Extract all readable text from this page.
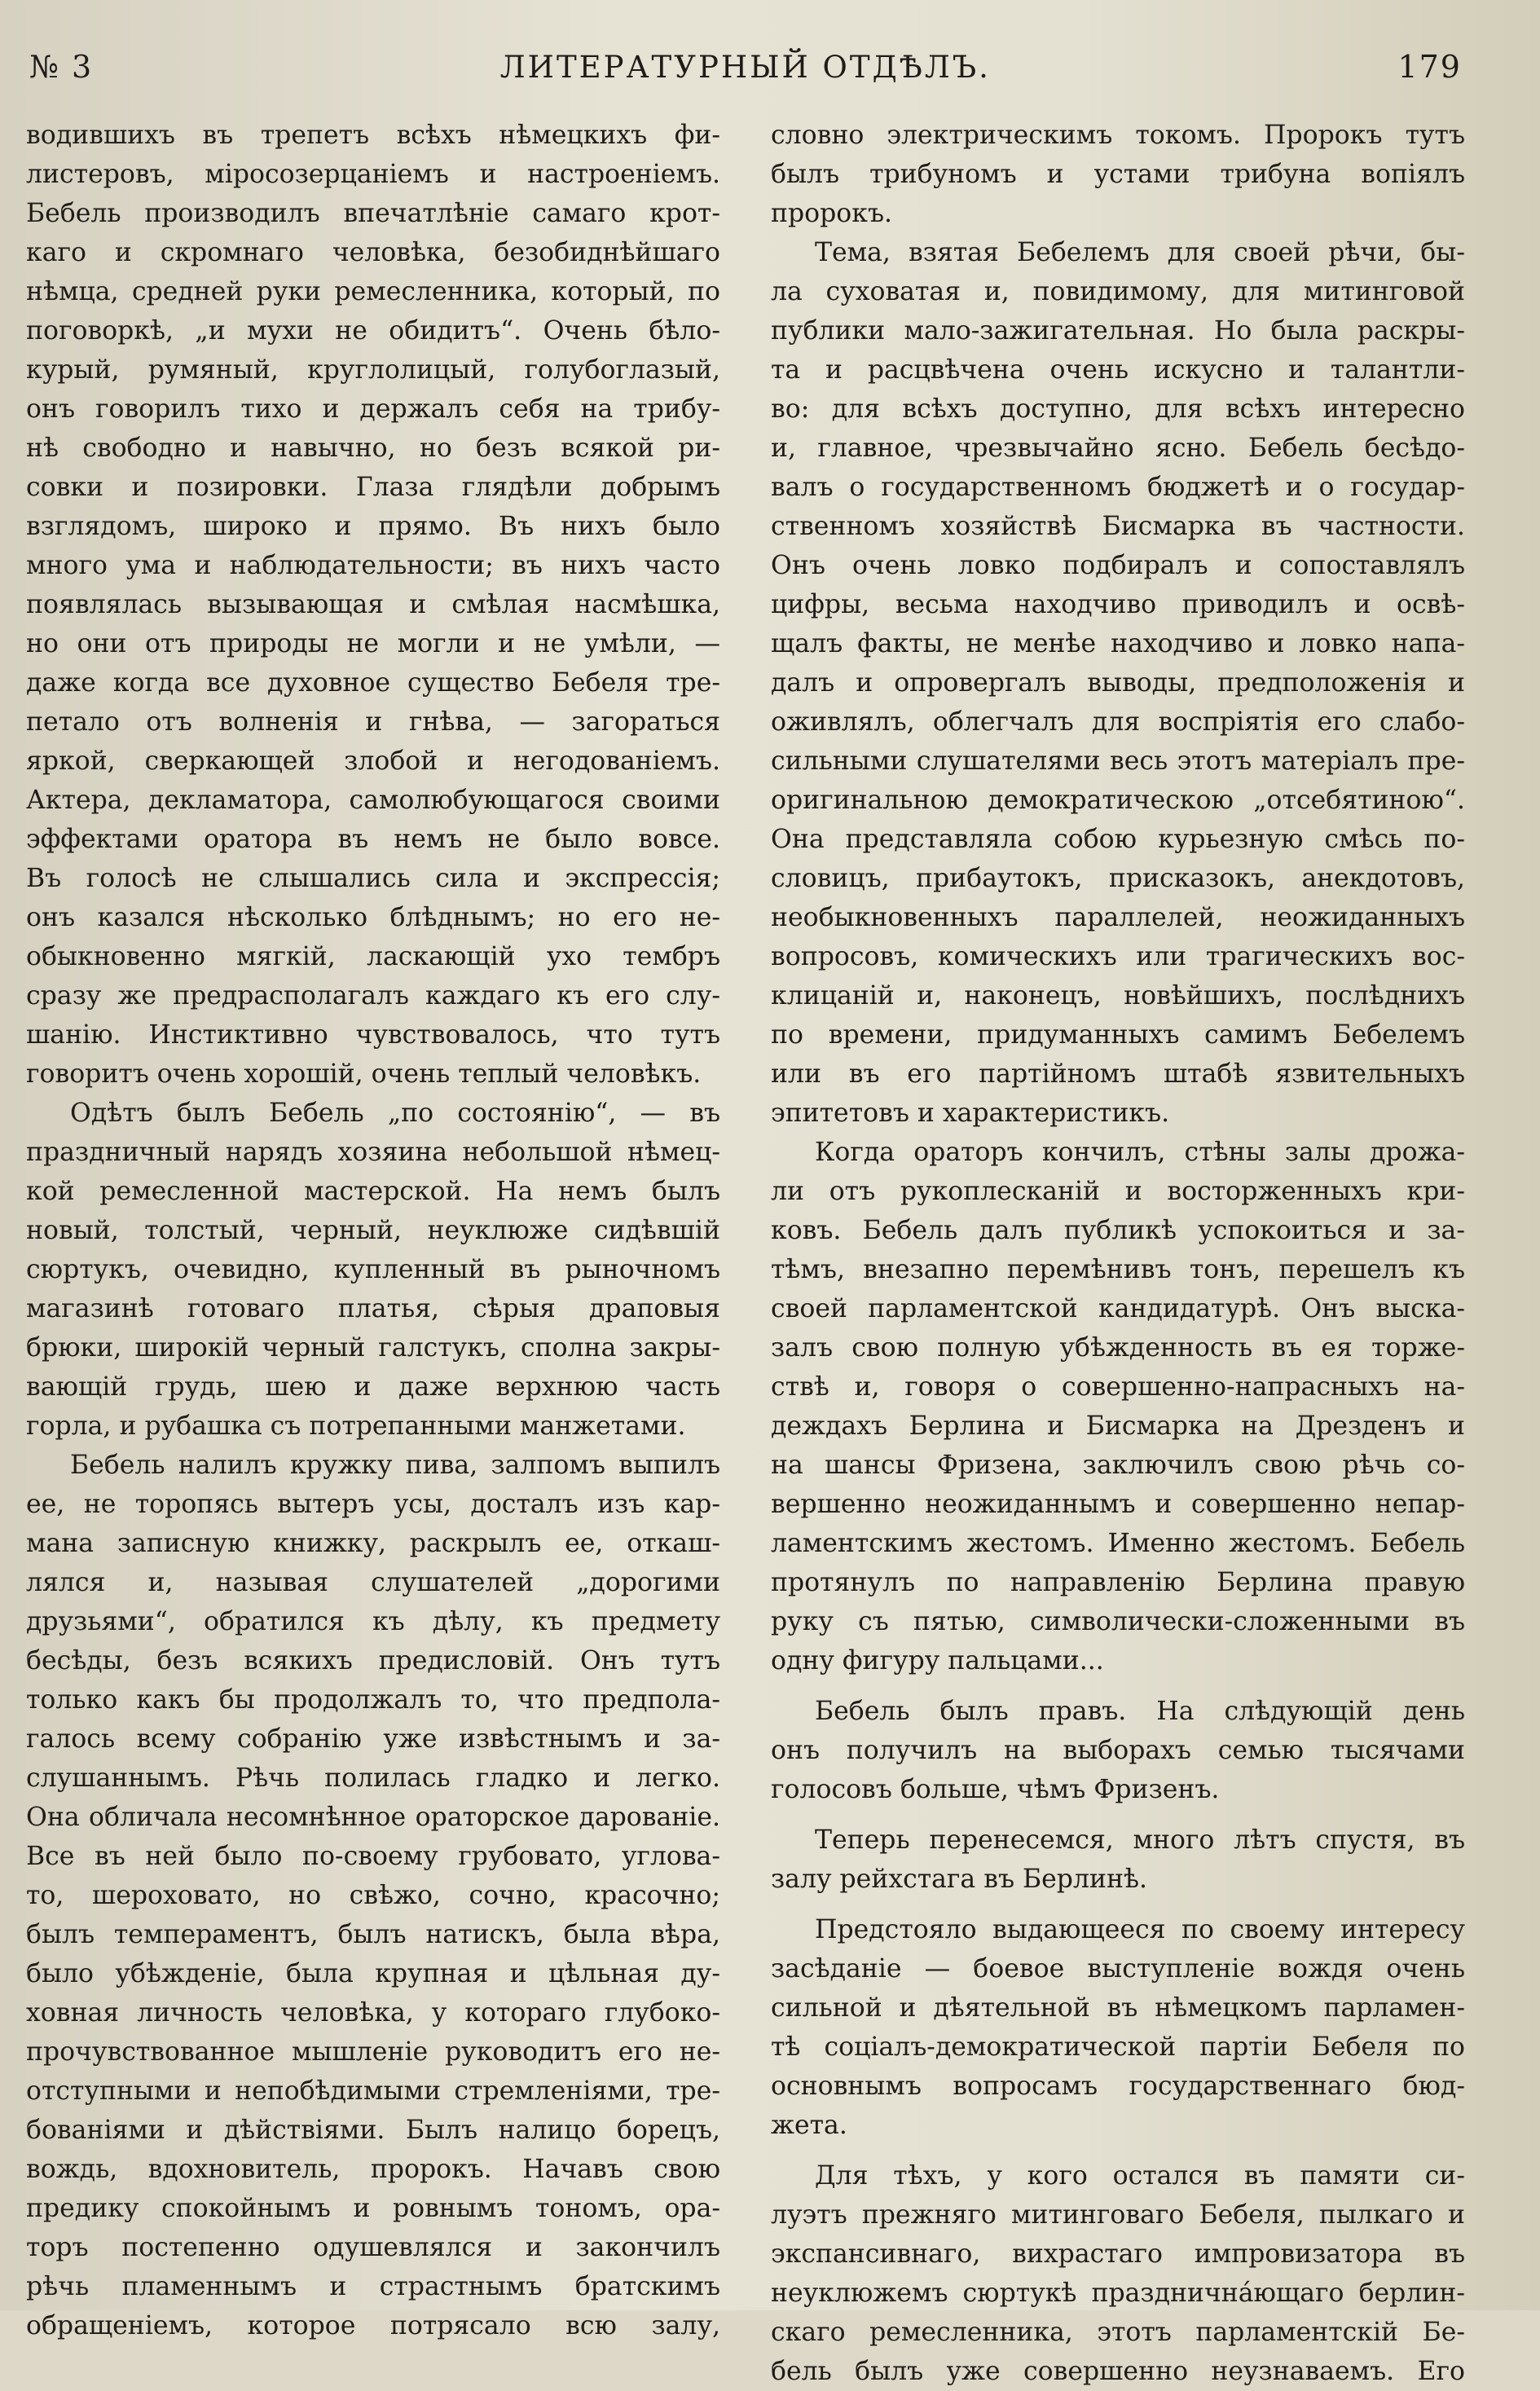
№ 3	ЛИТЕРАТУРНЫЙ ОТДѢЛЪ.	179

водившихъ въ трепетъ всѣхъ нѣмецкихъ фи-

листеровъ, міросозерцаніемъ и настроеніемъ.

Бебель производилъ впечатлѣніе самаго крот-

каго и скромнаго человѣка, безобиднѣйшаго

нѣмца, средней руки ремесленника, который, по

поговоркѣ, „и мухи не обидитъ“. Очень бѣло-

курый, румяный, круглолицый, голубоглазый,

онъ говорилъ тихо и держалъ себя на трибу-

нѣ свободно и навычно, но безъ всякой ри-

совки и позировки. Глаза глядѣли добрымъ

взглядомъ, широко и прямо. Въ нихъ было

много ума и наблюдательности; въ нихъ часто

появлялась вызывающая и смѣлая насмѣшка,

но они отъ природы не могли и не умѣли, —

даже когда все духовное существо Бебеля тре-

петало отъ волненія и гнѣва, — загораться

яркой, сверкающей злобой и негодованіемъ.

Актера, декламатора, самолюбующагося своими

эффектами оратора въ немъ не было вовсе.

Въ голосѣ не слышались сила и экспрессія;

онъ казался нѣсколько блѣднымъ; но его не-

обыкновенно мягкій, ласкающій ухо тембръ

сразу же предрасполагалъ каждаго къ его слу-

шанію. Инстиктивно чувствовалось, что тутъ

говоритъ очень хорошій, очень теплый человѣкъ.

Одѣтъ былъ Бебель „по состоянію“, — въ

праздничный нарядъ хозяина небольшой нѣмец-

кой ремесленной мастерской. На немъ былъ

новый, толстый, черный, неуклюже сидѣвшій

сюртукъ, очевидно, купленный въ рыночномъ

магазинѣ готоваго платья, сѣрыя драповыя

брюки, широкій черный галстукъ, сполна закры-

вающій грудь, шею и даже верхнюю часть

горла, и рубашка съ потрепанными манжетами.

Бебель налилъ кружку пива, залпомъ выпилъ

ее, не торопясь вытеръ усы, досталъ изъ кар-

мана записную книжку, раскрылъ ее, откаш-

лялся и, называя слушателей „дорогими

друзьями“, обратился къ дѣлу, къ предмету

бесѣды, безъ всякихъ предисловій. Онъ тутъ

только какъ бы продолжалъ то, что предпола-

галось всему собранію уже извѣстнымъ и за-

слушаннымъ. Рѣчь полилась гладко и легко.

Она обличала несомнѣнное ораторское дарованіе.

Все въ ней было по-своему грубовато, углова-

то, шероховато, но свѣжо, сочно, красочно;

былъ темпераментъ, былъ натискъ, была вѣра,

было убѣжденіе, была крупная и цѣльная ду-

ховная личность человѣка, у котораго глубоко-

прочувствованное мышленіе руководитъ его не-

отступными и непобѣдимыми стремленіями, тре-

бованіями и дѣйствіями. Былъ налицо борецъ,

вождь, вдохновитель, пророкъ. Начавъ свою

предику спокойнымъ и ровнымъ тономъ, ора-

торъ постепенно одушевлялся и закончилъ

рѣчь пламеннымъ и страстнымъ братскимъ

обращеніемъ, которое потрясало всю залу,

словно электрическимъ токомъ. Пророкъ тутъ

былъ трибуномъ и устами трибуна вопіялъ

пророкъ.

Тема, взятая Бебелемъ для своей рѣчи, бы-

ла суховатая и, повидимому, для митинговой

публики мало-зажигательная. Но была раскры-

та и расцвѣчена очень искусно и талантли-

во: для всѣхъ доступно, для всѣхъ интересно

и, главное, чрезвычайно ясно. Бебель бесѣдо-

валъ о государственномъ бюджетѣ и о государ-

ственномъ хозяйствѣ Бисмарка въ частности.

Онъ очень ловко подбиралъ и сопоставлялъ

цифры, весьма находчиво приводилъ и освѣ-

щалъ факты, не менѣе находчиво и ловко напа-

далъ и опровергалъ выводы, предположенія и

оживлялъ, облегчалъ для воспріятія его слабо-

сильными слушателями весь этотъ матеріалъ пре-

оригинальною демократическою „отсебятиною“.

Она представляла собою курьезную смѣсь по-

словицъ, прибаутокъ, присказокъ, анекдотовъ,

необыкновенныхъ параллелей, неожиданныхъ

вопросовъ, комическихъ или трагическихъ вос-

клицаній и, наконецъ, новѣйшихъ, послѣднихъ

по времени, придуманныхъ самимъ Бебелемъ

или въ его партійномъ штабѣ язвительныхъ

эпитетовъ и характеристикъ.

Когда ораторъ кончилъ, стѣны залы дрожа-

ли отъ рукоплесканій и восторженныхъ кри-

ковъ. Бебель далъ публикѣ успокоиться и за-

тѣмъ, внезапно перемѣнивъ тонъ, перешелъ къ

своей парламентской кандидатурѣ. Онъ выска-

залъ свою полную убѣжденность въ ея торже-

ствѣ и, говоря о совершенно-напрасныхъ на-

деждахъ Берлина и Бисмарка на Дрезденъ и

на шансы Фризена, заключилъ свою рѣчь со-

вершенно неожиданнымъ и совершенно непар-

ламентскимъ жестомъ. Именно жестомъ. Бебель

протянулъ по направленію Берлина правую

руку съ пятью, символически-сложенными въ

одну фигуру пальцами...

Бебель былъ правъ. На слѣдующій день

онъ получилъ на выборахъ семью тысячами

голосовъ больше, чѣмъ Фризенъ.

Теперь перенесемся, много лѣтъ спустя, въ

залу рейхстага въ Берлинѣ.

Предстояло выдающееся по своему интересу

засѣданіе — боевое выступленіе вождя очень

сильной и дѣятельной въ нѣмецкомъ парламен-

тѣ соціалъ-демократической партіи Бебеля по

основнымъ вопросамъ государственнаго бюд-

жета.

Для тѣхъ, у кого остался въ памяти си-

луэтъ прежняго митинговаго Бебеля, пылкаго и

экспансивнаго, вихрастаго импровизатора въ

неуклюжемъ сюртукѣ празднична́ющаго берлин-

скаго ремесленника, этотъ парламентскій Бе-

бель былъ уже совершенно неузнаваемъ. Его
